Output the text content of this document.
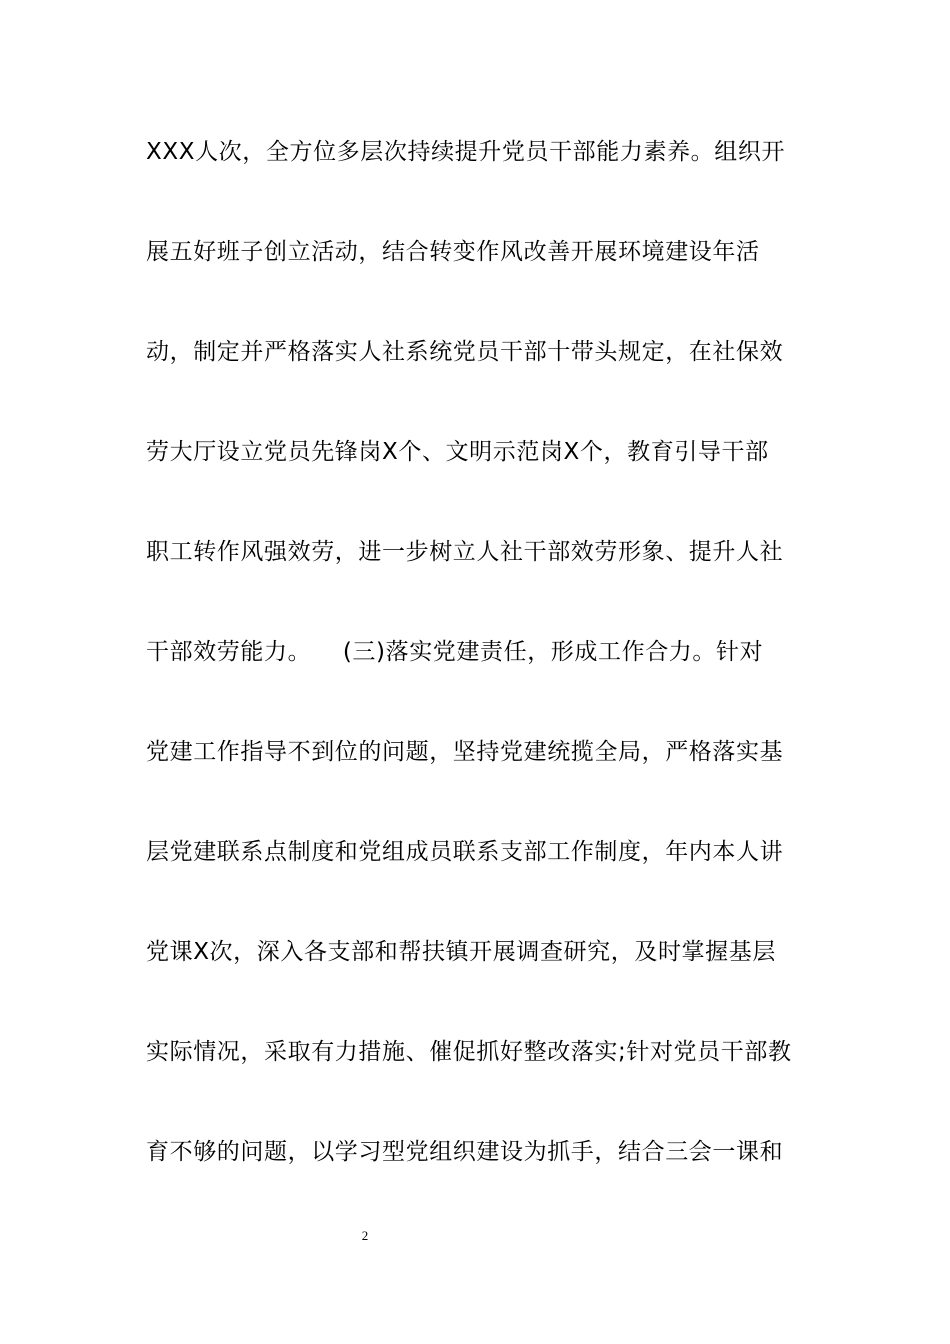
XXX人次，全方位多层次持续提升党员干部能力素养。组织开
展五好班子创立活动，结合转变作风改善开展环境建设年活
动，制定并严格落实人社系统党员干部十带头规定，在社保效
劳大厅设立党员先锋岗X个、文明示范岗X个，教育引导干部
职工转作风强效劳，进一步树立人社干部效劳形象、提升人社
干部效劳能力。    (三)落实党建责任，形成工作合力。针对
党建工作指导不到位的问题，坚持党建统揽全局，严格落实基
层党建联系点制度和党组成员联系支部工作制度，年内本人讲
党课X次，深入各支部和帮扶镇开展调查研究，及时掌握基层
实际情况，采取有力措施、催促抓好整改落实;针对党员干部教
育不够的问题，以学习型党组织建设为抓手，结合三会一课和
2
